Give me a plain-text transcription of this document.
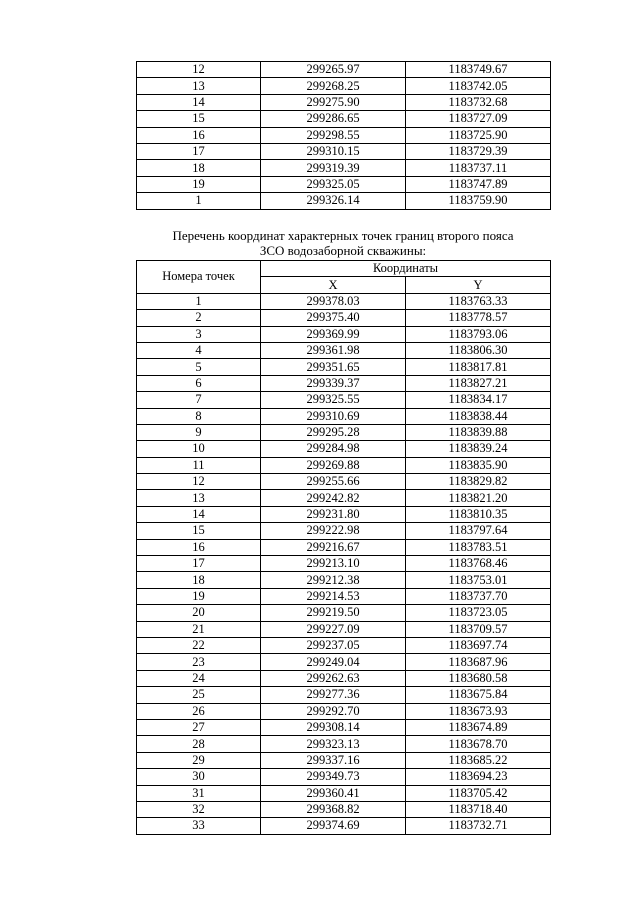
12	299265.97	1183749.67
13	299268.25	1183742.05
14	299275.90	1183732.68
15	299286.65	1183727.09
16	299298.55	1183725.90
17	299310.15	1183729.39
18	299319.39	1183737.11
19	299325.05	1183747.89
1	299326.14	1183759.90
Перечень координат характерных точек границ второго пояса
ЗСО водозаборной скважины:
Номера точек	Координаты	
	X	Y
1	299378.03	1183763.33
2	299375.40	1183778.57
3	299369.99	1183793.06
4	299361.98	1183806.30
5	299351.65	1183817.81
6	299339.37	1183827.21
7	299325.55	1183834.17
8	299310.69	1183838.44
9	299295.28	1183839.88
10	299284.98	1183839.24
11	299269.88	1183835.90
12	299255.66	1183829.82
13	299242.82	1183821.20
14	299231.80	1183810.35
15	299222.98	1183797.64
16	299216.67	1183783.51
17	299213.10	1183768.46
18	299212.38	1183753.01
19	299214.53	1183737.70
20	299219.50	1183723.05
21	299227.09	1183709.57
22	299237.05	1183697.74
23	299249.04	1183687.96
24	299262.63	1183680.58
25	299277.36	1183675.84
26	299292.70	1183673.93
27	299308.14	1183674.89
28	299323.13	1183678.70
29	299337.16	1183685.22
30	299349.73	1183694.23
31	299360.41	1183705.42
32	299368.82	1183718.40
33	299374.69	1183732.71
